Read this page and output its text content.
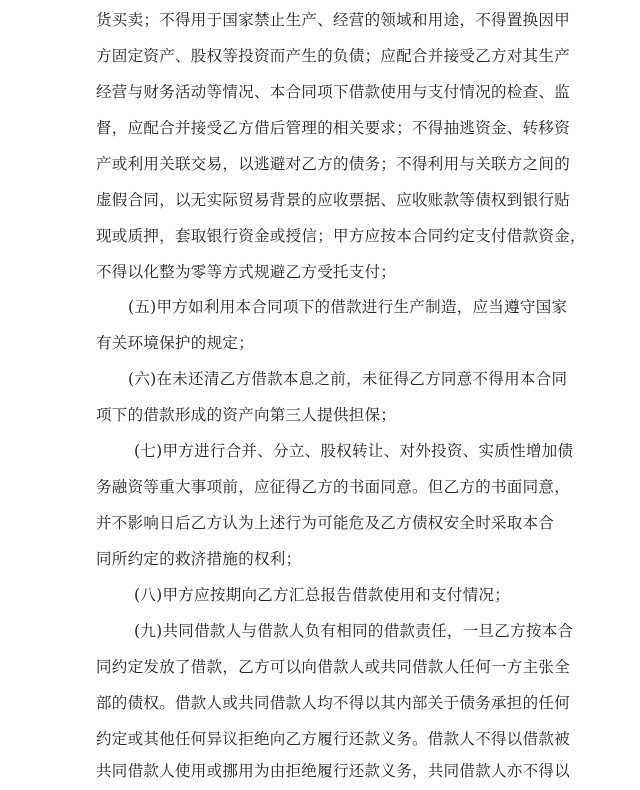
货买卖；不得用于国家禁止生产、经营的领域和用途，不得置换因甲
方固定资产、股权等投资而产生的负债；应配合并接受乙方对其生产
经营与财务活动等情况、本合同项下借款使用与支付情况的检查、监
督，应配合并接受乙方借后管理的相关要求；不得抽逃资金、转移资
产或利用关联交易，以逃避对乙方的债务；不得利用与关联方之间的
虚假合同，以无实际贸易背景的应收票据、应收账款等债权到银行贴
现或质押，套取银行资金或授信；甲方应按本合同约定支付借款资金，
不得以化整为零等方式规避乙方受托支付；
(五)甲方如利用本合同项下的借款进行生产制造，应当遵守国家
有关环境保护的规定；
(六)在未还清乙方借款本息之前，未征得乙方同意不得用本合同
项下的借款形成的资产向第三人提供担保；
(七)甲方进行合并、分立、股权转让、对外投资、实质性增加债
务融资等重大事项前，应征得乙方的书面同意。但乙方的书面同意，
并不影响日后乙方认为上述行为可能危及乙方债权安全时采取本合
同所约定的救济措施的权利；
(八)甲方应按期向乙方汇总报告借款使用和支付情况；
(九)共同借款人与借款人负有相同的借款责任，一旦乙方按本合
同约定发放了借款，乙方可以向借款人或共同借款人任何一方主张全
部的债权。借款人或共同借款人均不得以其内部关于债务承担的任何
约定或其他任何异议拒绝向乙方履行还款义务。借款人不得以借款被
共同借款人使用或挪用为由拒绝履行还款义务，共同借款人亦不得以
